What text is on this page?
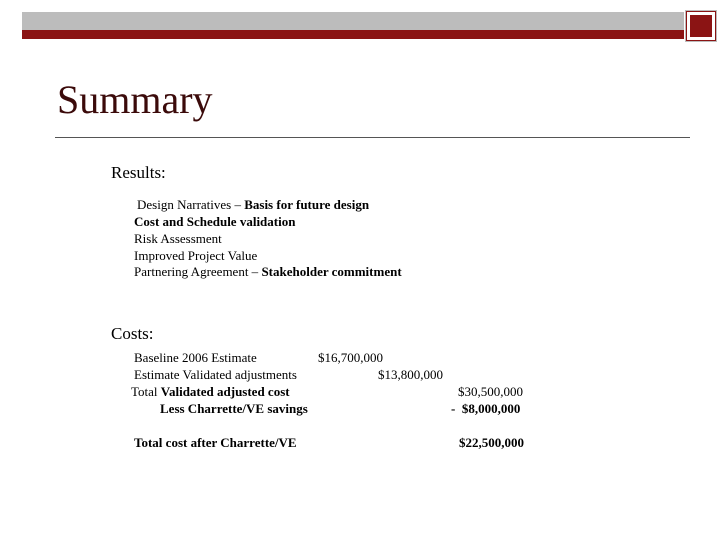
Summary
Results:
Design Narratives – Basis for future design
Cost and Schedule validation
Risk Assessment
Improved Project Value
Partnering Agreement – Stakeholder commitment
Costs:
Baseline 2006 Estimate	$16,700,000
Estimate Validated adjustments	$13,800,000
Total Validated adjusted cost	$30,500,000
Less Charrette/VE savings	-  $8,000,000
Total cost after Charrette/VE	$22,500,000
